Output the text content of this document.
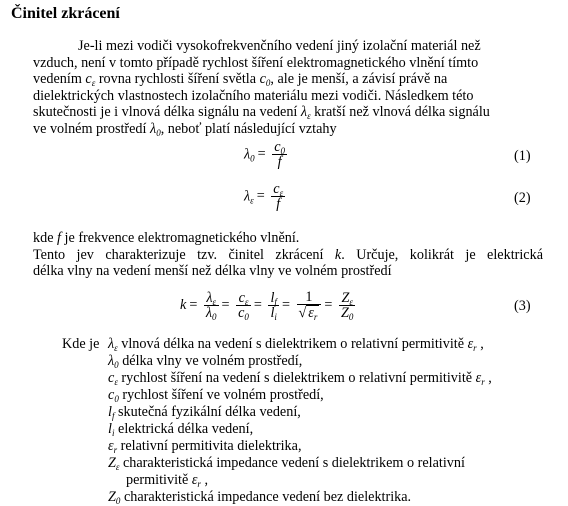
Činitel zkrácení
Je-li mezi vodiči vysokofrekvenčního vedení jiný izolační materiál než
vzduch, není v tomto případě rychlost šíření elektromagnetického vlnění tímto
vedením $c_\varepsilon$ rovna rychlosti šíření světla $c_0$, ale je menší, a závisí právě na
dielektrických vlastnostech izolačního materiálu mezi vodiči. Následkem této
skutečnosti je i vlnová délka signálu na vedení $\lambda_\varepsilon$ kratší než vlnová délka signálu
ve volném prostředí $\lambda_0$, neboť platí následující vztahy
$\lambda_0 = \frac{c_0}{f}$	(1)
$\lambda_\varepsilon = \frac{c_\varepsilon}{f}$	(2)
kde f je frekvence elektromagnetického vlnění.
Tento jev charakterizuje tzv. činitel zkrácení k. Určuje, kolikrát je elektrická
délka vlny na vedení menší než délka vlny ve volném prostředí
$k = \frac{\lambda_\varepsilon}{\lambda_0} = \frac{c_\varepsilon}{c_0} = \frac{l_f}{l_i} = \frac{1}{√ \varepsilon_r} = \frac{Z_\varepsilon}{Z_0}$	(3)
Kde je $\lambda_\varepsilon$ vlnová délka na vedení s dielektrikem o relativní permitivitě $\varepsilon_r$ ,
$\lambda_0$ délka vlny ve volném prostředí,
$c_\varepsilon$ rychlost šíření na vedení s dielektrikem o relativní permitivitě $\varepsilon_r$ ,
$c_0$ rychlost šíření ve volném prostředí,
$l_f$ skutečná fyzikální délka vedení,
$l_i$ elektrická délka vedení,
$\varepsilon_r$ relativní permitivita dielektrika,
$Z_\varepsilon$ charakteristická impedance vedení s dielektrikem o relativní
permitivitě $\varepsilon_r$ ,
$Z_0$ charakteristická impedance vedení bez dielektrika.
